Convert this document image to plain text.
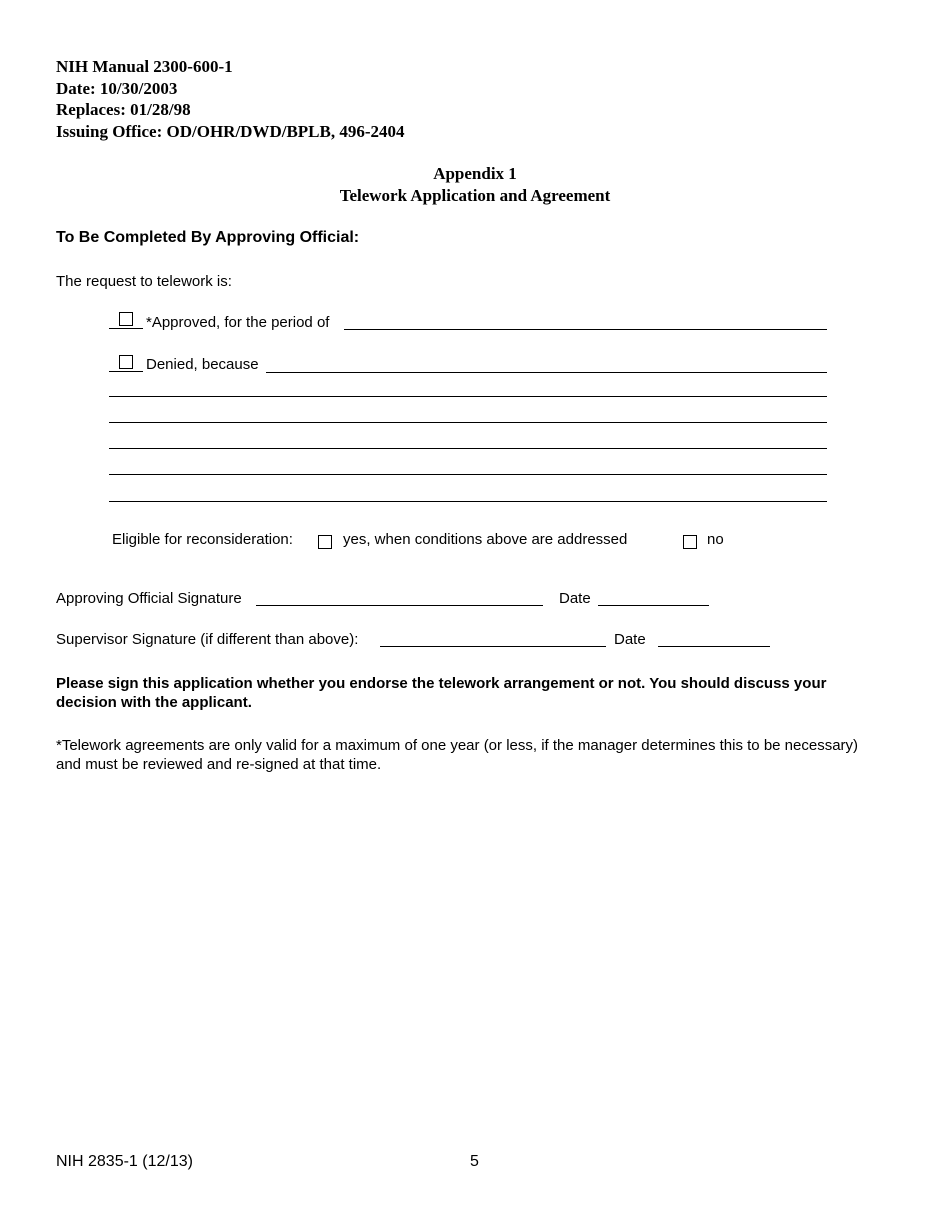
NIH Manual 2300-600-1
Date: 10/30/2003
Replaces: 01/28/98
Issuing Office: OD/OHR/DWD/BPLB, 496-2404
Appendix 1
Telework Application and Agreement
To Be Completed By Approving Official:
The request to telework is:
*Approved, for the period of
Denied, because
Eligible for reconsideration:	yes, when conditions above are addressed	no
Approving Official Signature	Date
Supervisor Signature (if different than above):	Date
Please sign this application whether you endorse the telework arrangement or not. You should discuss your decision with the applicant.
*Telework agreements are only valid for a maximum of one year (or less, if the manager determines this to be necessary) and must be reviewed and re-signed at that time.
NIH 2835-1 (12/13)	5
